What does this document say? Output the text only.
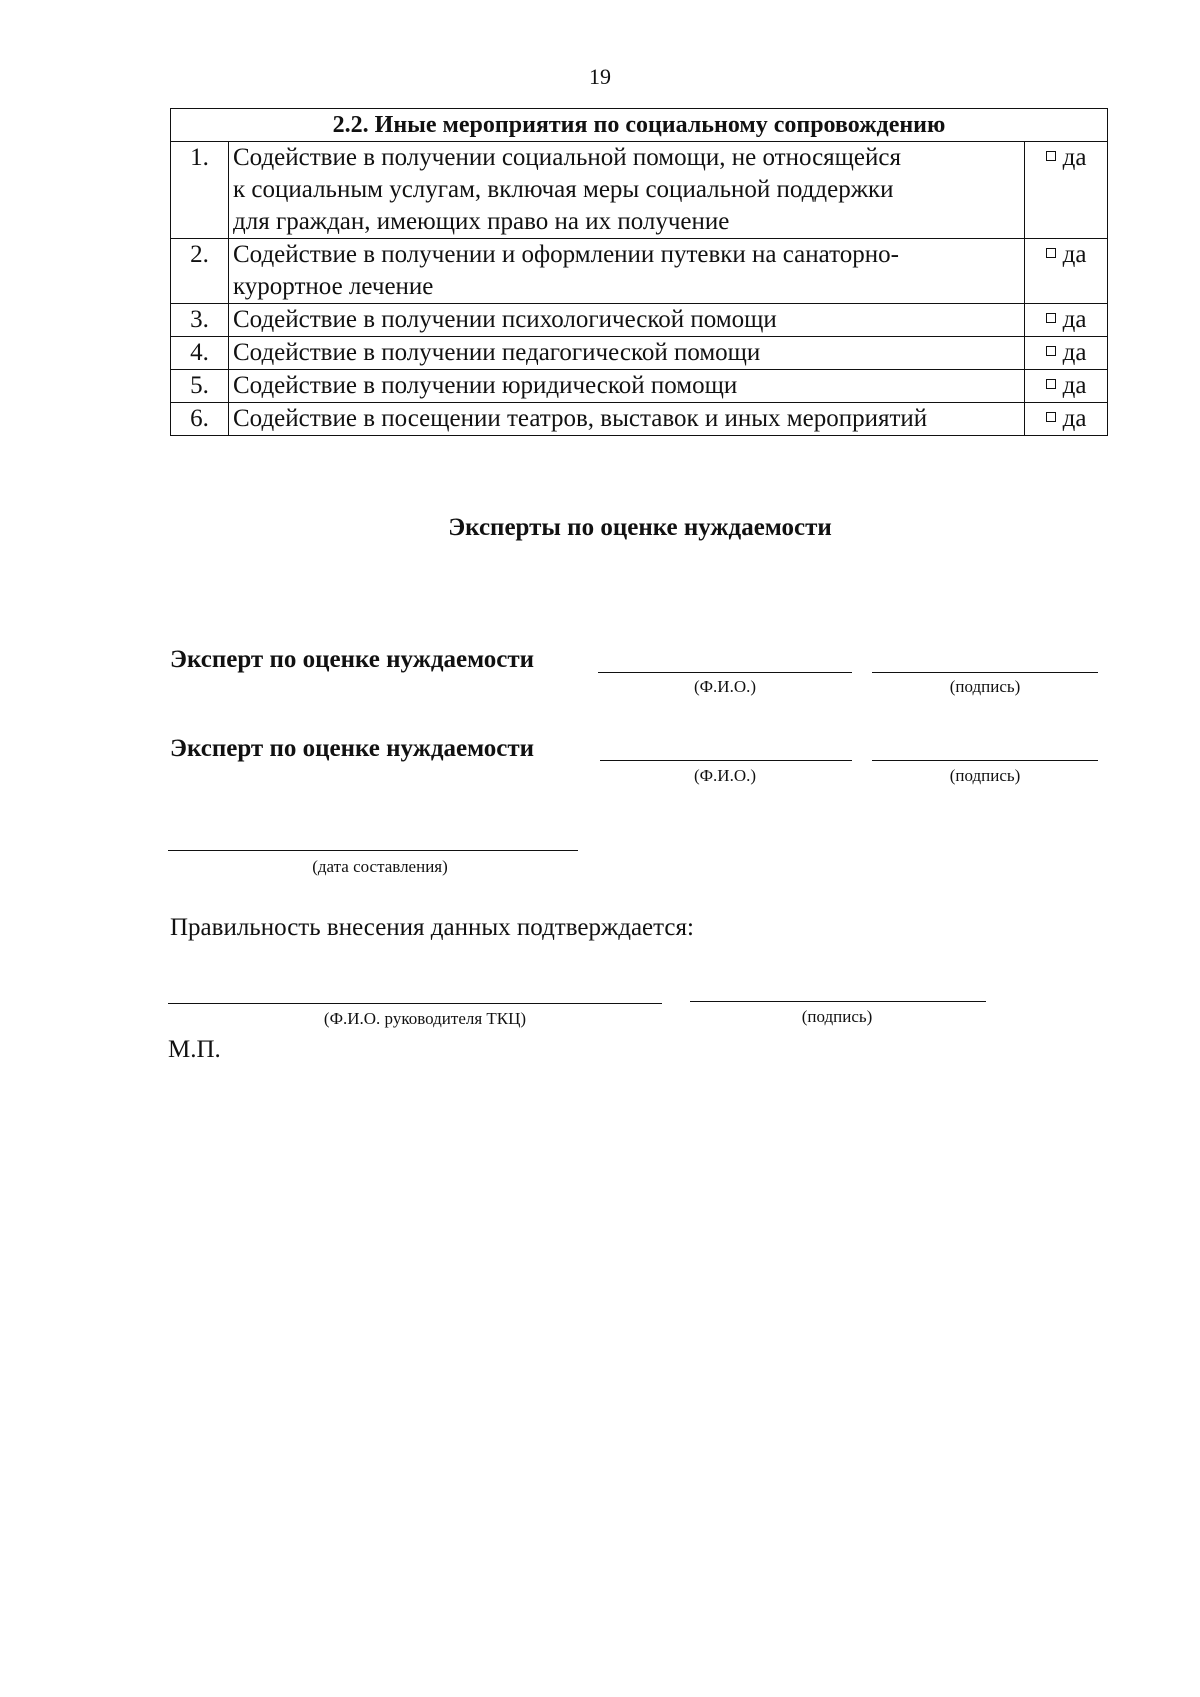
19
2.2. Иные мероприятия по социальному сопровождению		
1.	Содействие в получении социальной помощи, не относящейся
к социальным услугам, включая меры социальной поддержки
для граждан, имеющих право на их получение	да
2.	Содействие в получении и оформлении путевки на санаторно-
курортное лечение	да
3.	Содействие в получении психологической помощи	да
4.	Содействие в получении педагогической помощи	да
5.	Содействие в получении юридической помощи	да
6.	Содействие в посещении театров, выставок и иных мероприятий	да
Эксперты по оценке нуждаемости
Эксперт по оценке нуждаемости
(Ф.И.О.)	(подпись)
Эксперт по оценке нуждаемости
(Ф.И.О.)	(подпись)
(дата составления)
Правильность внесения данных подтверждается:
(Ф.И.О. руководителя ТКЦ)	(подпись)
М.П.
